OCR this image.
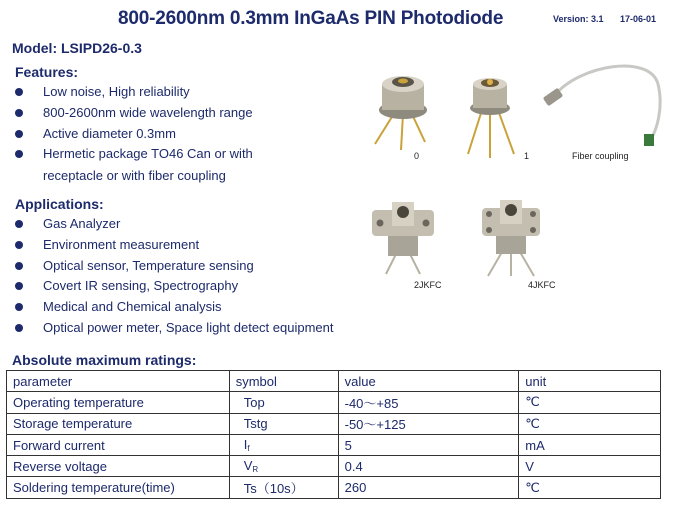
800-2600nm 0.3mm InGaAs PIN Photodiode	Version: 3.1 17-06-01
Model: LSIPD26-0.3
Features:
Low noise, High reliability
800-2600nm wide wavelength range
Active diameter 0.3mm
Hermetic package TO46 Can or with
receptacle or with fiber coupling
Applications:
Gas Analyzer
Environment measurement
Optical sensor, Temperature sensing
Covert IR sensing, Spectrography
Medical and Chemical analysis
Optical power meter, Space light detect equipment
0	1	Fiber coupling
2JKFC	4JKFC
Absolute maximum ratings:
parameter	symbol	value	unit
Operating temperature	Top	-40～+85	℃
Storage temperature	Tstg	-50～+125	℃
Forward current	$I_f$	5	mA
Reverse voltage	$V_R$	0.4	V
Soldering temperature(time)	Ts（10s）	260	℃
